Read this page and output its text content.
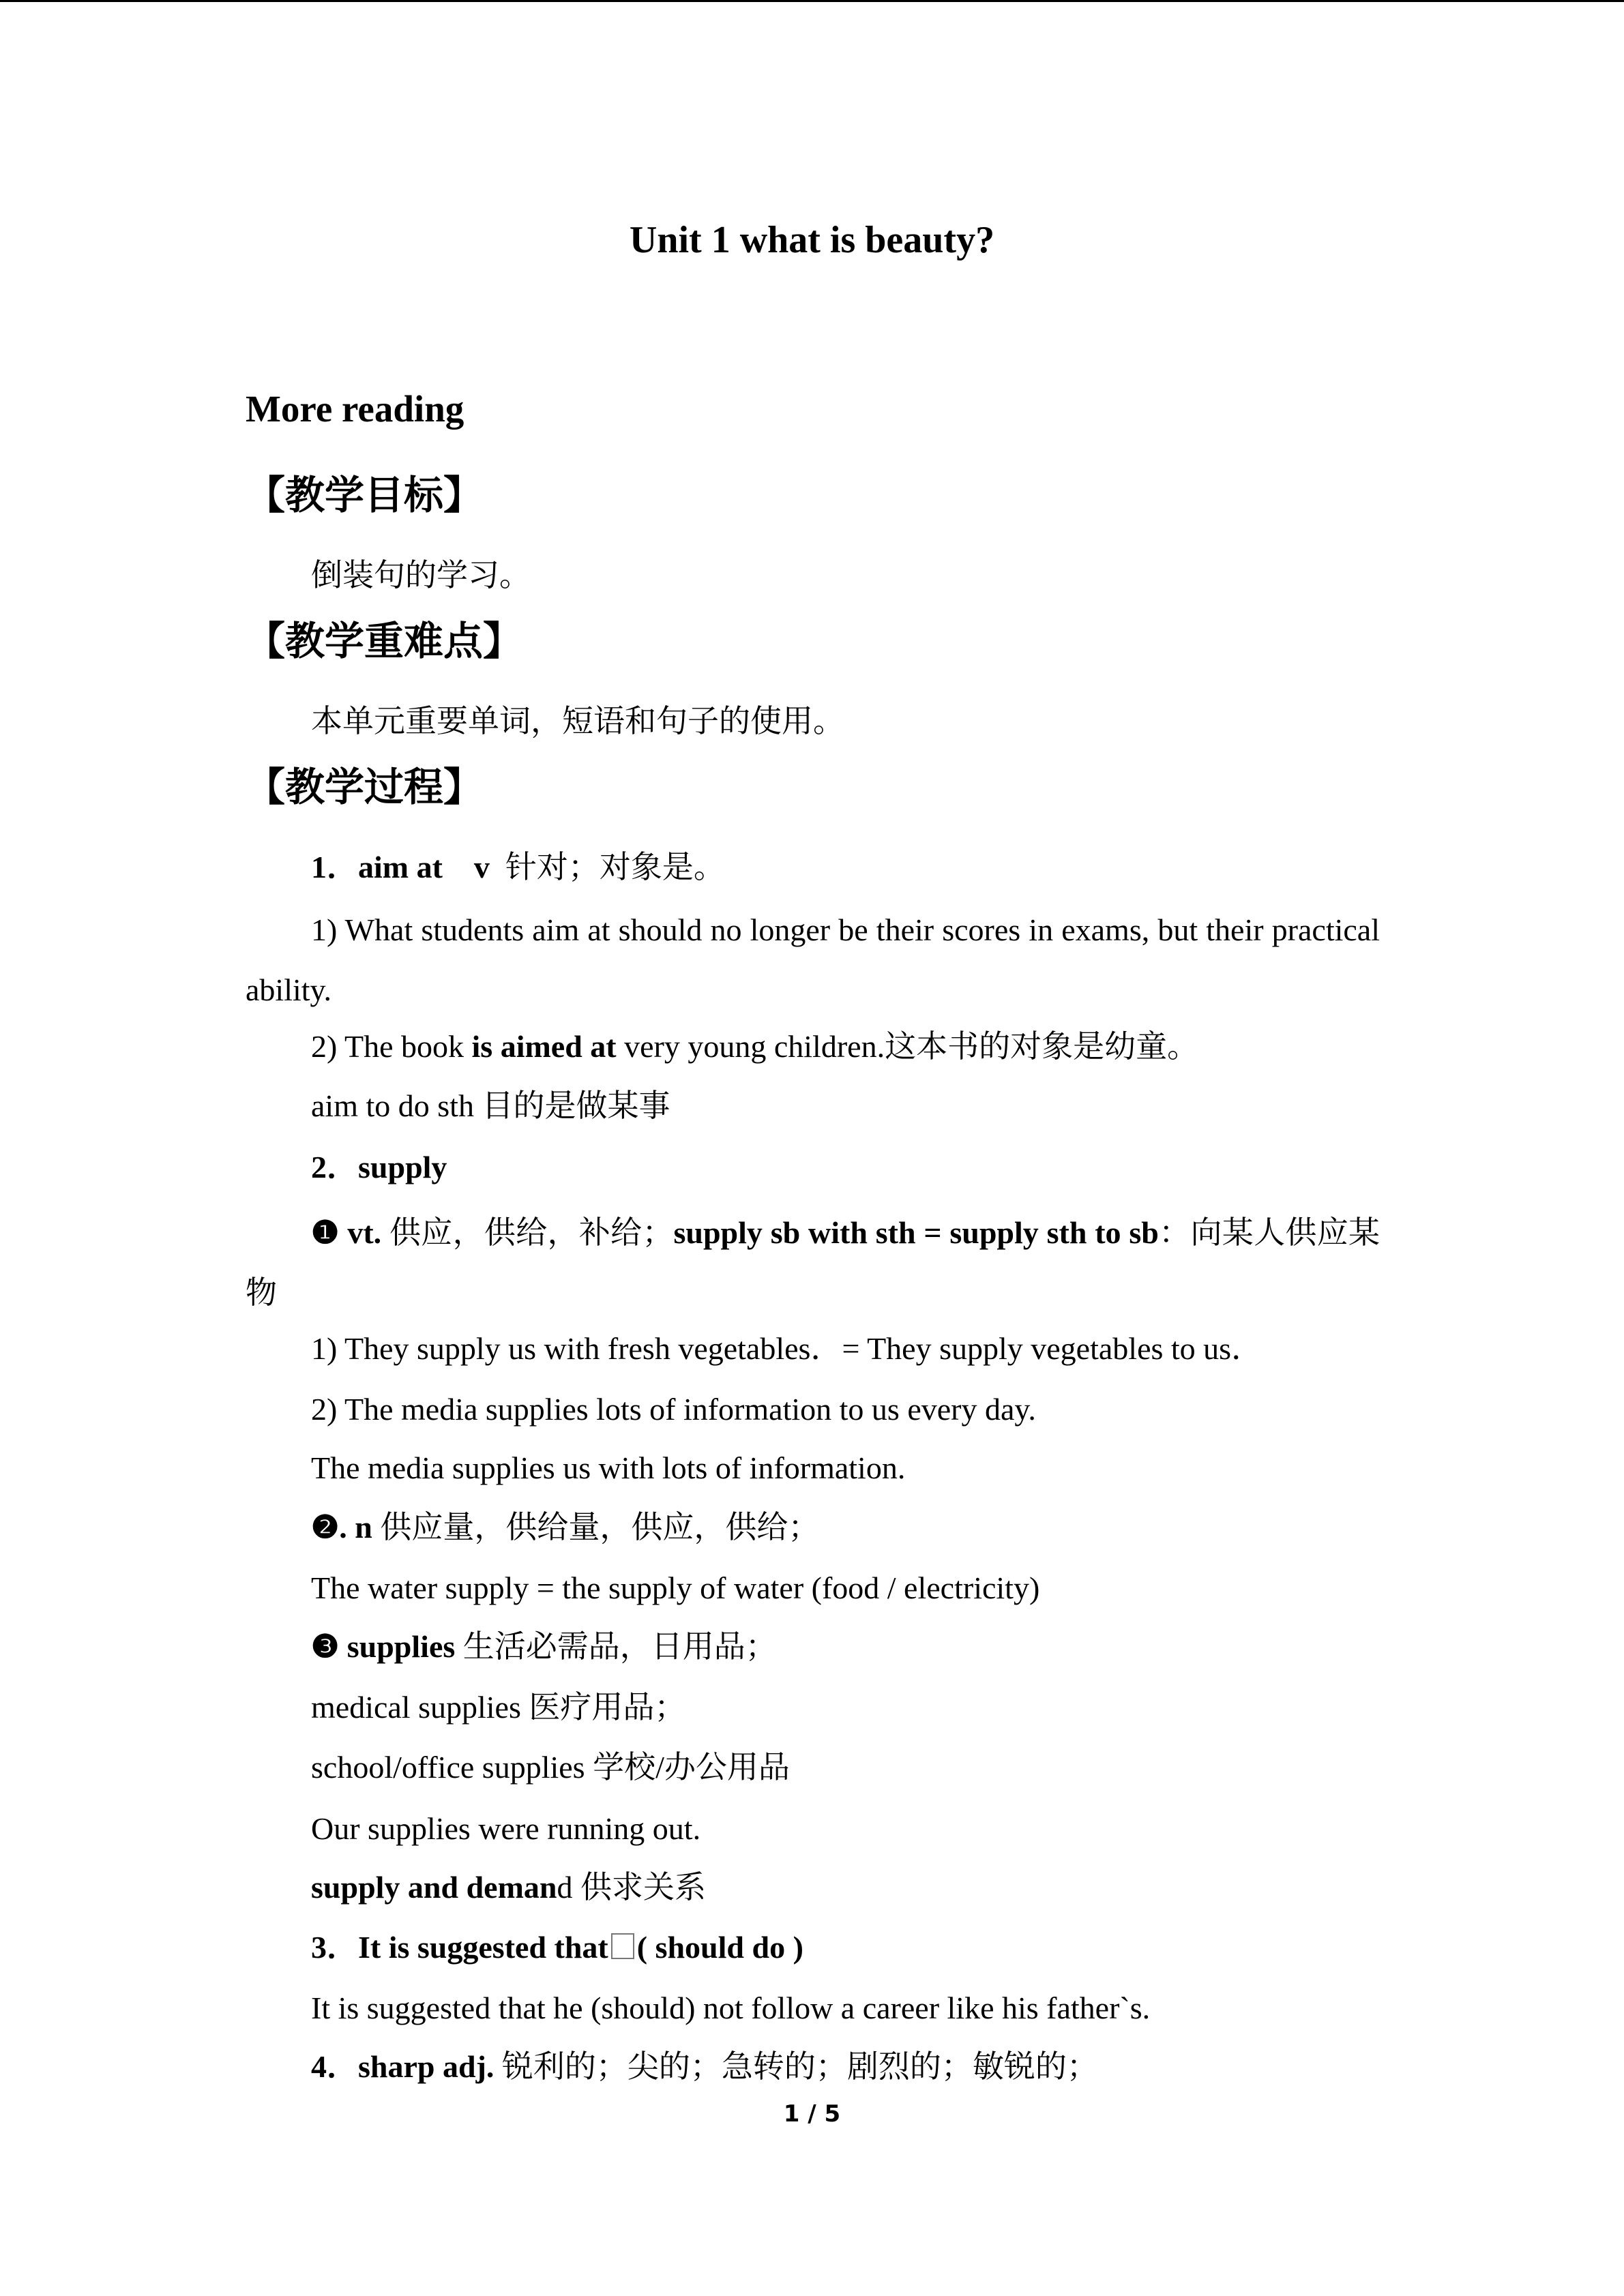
Unit 1 what is beauty?
More reading
【教学目标】
倒装句的学习。
【教学重难点】
本单元重要单词，短语和句子的使用。
【教学过程】
1．aim at v 针对；对象是。
1) What students aim at should no longer be their scores in exams, but their practical ability.
2) The book is aimed at very young children.这本书的对象是幼童。
aim to do sth 目的是做某事
2．supply
❶ vt. 供应，供给，补给；supply sb with sth = supply sth to sb：向某人供应某物
1) They supply us with fresh vegetables．= They supply vegetables to us．
2) The media supplies lots of information to us every day.
The media supplies us with lots of information.
❷. n 供应量，供给量，供应，供给；
The water supply = the supply of water (food / electricity)
❸ supplies 生活必需品，日用品；
medical supplies 医疗用品；
school/office supplies 学校/办公用品
Our supplies were running out.
supply and demand 供求关系
3．It is suggested that ( should do )
It is suggested that he (should) not follow a career like his father`s.
4．sharp adj. 锐利的；尖的；急转的；剧烈的；敏锐的；
1 / 5
